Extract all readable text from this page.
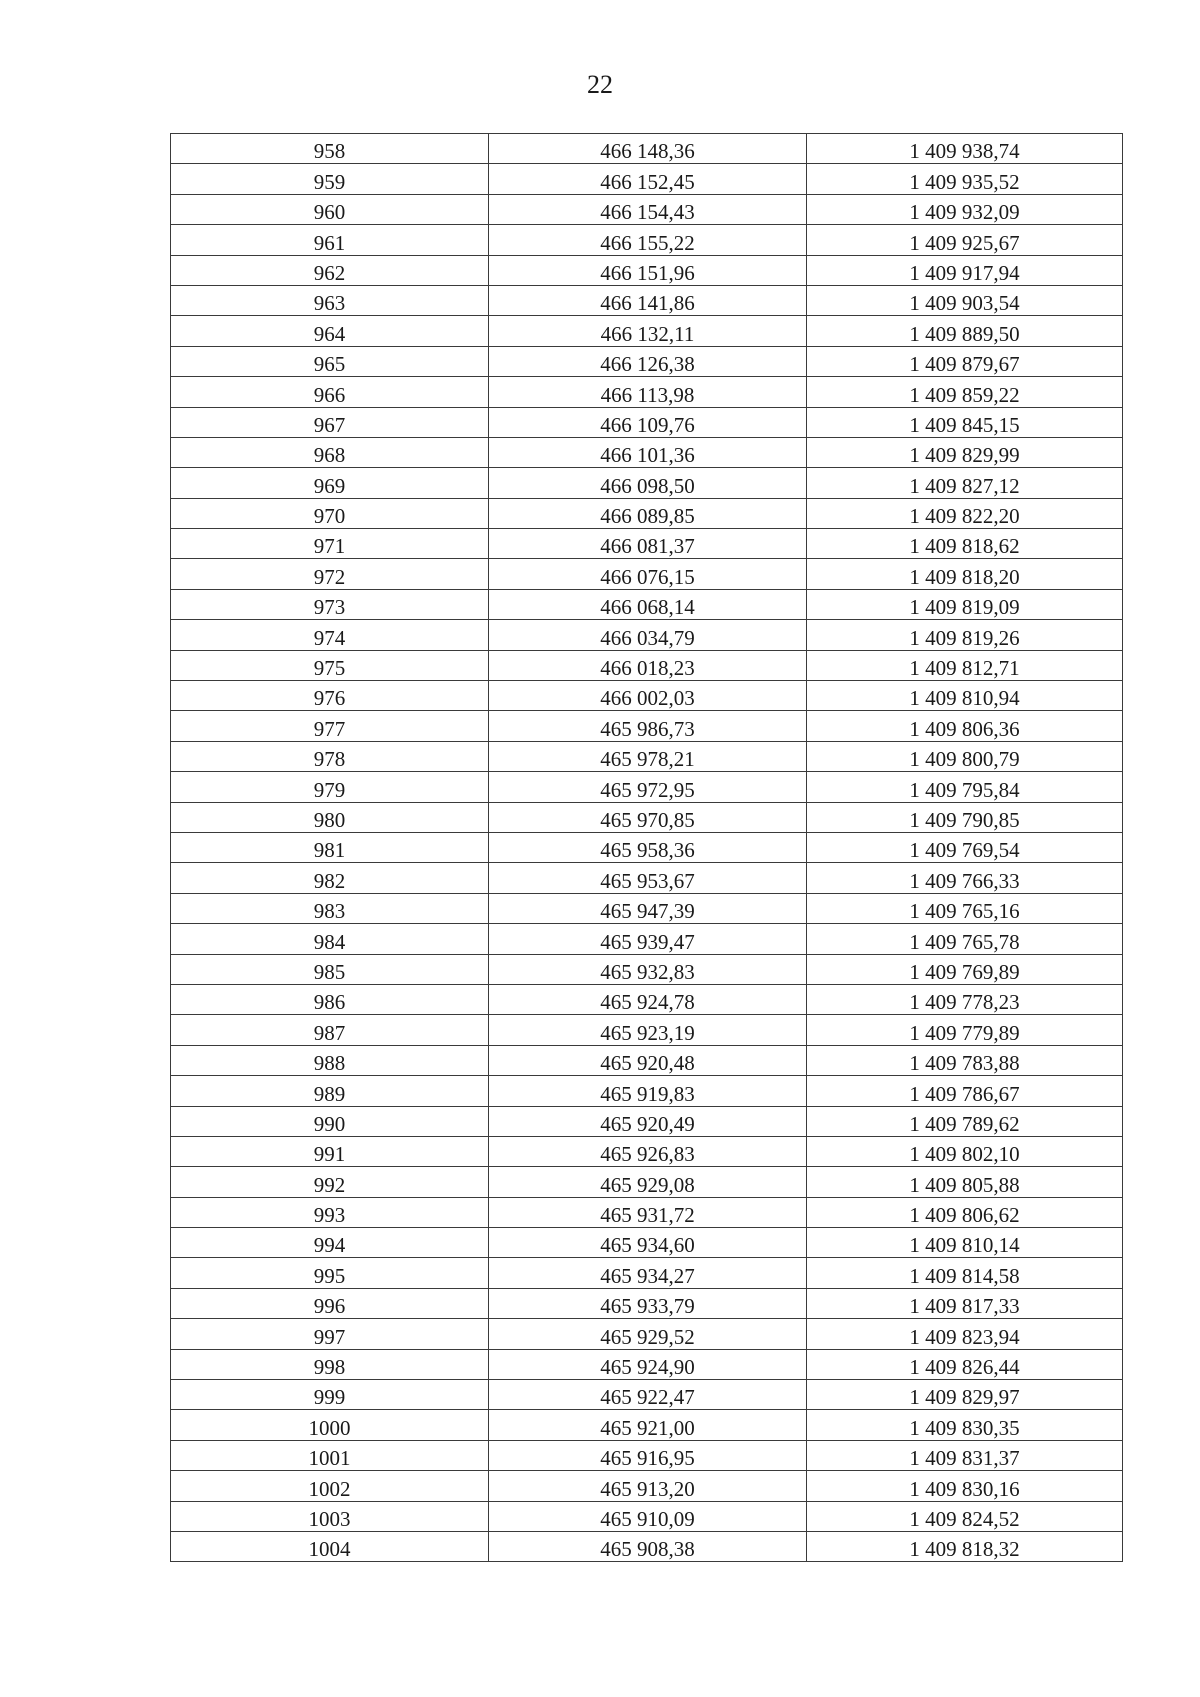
22
958	466 148,36	1 409 938,74
959	466 152,45	1 409 935,52
960	466 154,43	1 409 932,09
961	466 155,22	1 409 925,67
962	466 151,96	1 409 917,94
963	466 141,86	1 409 903,54
964	466 132,11	1 409 889,50
965	466 126,38	1 409 879,67
966	466 113,98	1 409 859,22
967	466 109,76	1 409 845,15
968	466 101,36	1 409 829,99
969	466 098,50	1 409 827,12
970	466 089,85	1 409 822,20
971	466 081,37	1 409 818,62
972	466 076,15	1 409 818,20
973	466 068,14	1 409 819,09
974	466 034,79	1 409 819,26
975	466 018,23	1 409 812,71
976	466 002,03	1 409 810,94
977	465 986,73	1 409 806,36
978	465 978,21	1 409 800,79
979	465 972,95	1 409 795,84
980	465 970,85	1 409 790,85
981	465 958,36	1 409 769,54
982	465 953,67	1 409 766,33
983	465 947,39	1 409 765,16
984	465 939,47	1 409 765,78
985	465 932,83	1 409 769,89
986	465 924,78	1 409 778,23
987	465 923,19	1 409 779,89
988	465 920,48	1 409 783,88
989	465 919,83	1 409 786,67
990	465 920,49	1 409 789,62
991	465 926,83	1 409 802,10
992	465 929,08	1 409 805,88
993	465 931,72	1 409 806,62
994	465 934,60	1 409 810,14
995	465 934,27	1 409 814,58
996	465 933,79	1 409 817,33
997	465 929,52	1 409 823,94
998	465 924,90	1 409 826,44
999	465 922,47	1 409 829,97
1000	465 921,00	1 409 830,35
1001	465 916,95	1 409 831,37
1002	465 913,20	1 409 830,16
1003	465 910,09	1 409 824,52
1004	465 908,38	1 409 818,32
